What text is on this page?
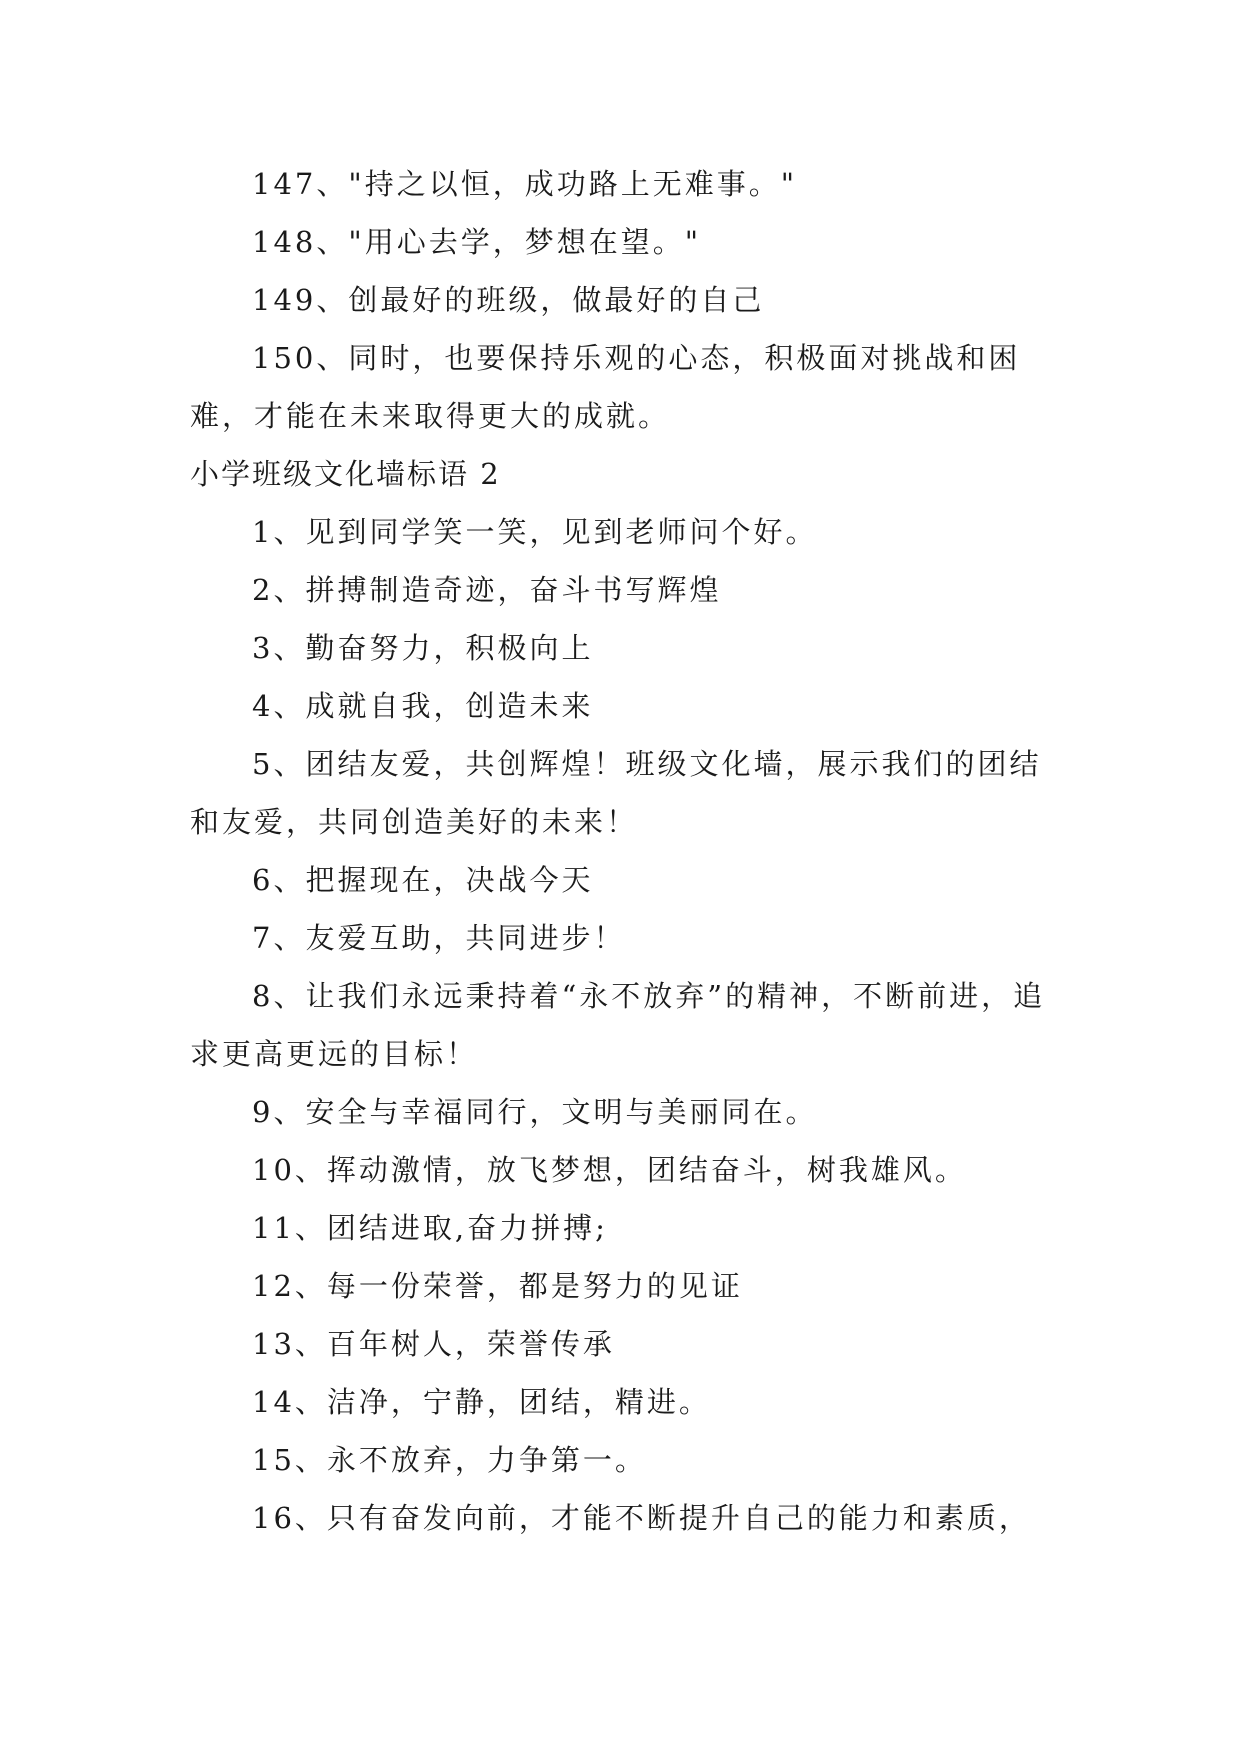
147、"持之以恒，成功路上无难事。"

148、"用心去学，梦想在望。"

149、创最好的班级，做最好的自己

150、同时，也要保持乐观的心态，积极面对挑战和困难，才能在未来取得更大的成就。

小学班级文化墙标语 2

1、见到同学笑一笑，见到老师问个好。

2、拼搏制造奇迹，奋斗书写辉煌

3、勤奋努力，积极向上

4、成就自我，创造未来

5、团结友爱，共创辉煌！班级文化墙，展示我们的团结和友爱，共同创造美好的未来！

6、把握现在，决战今天

7、友爱互助，共同进步！

8、让我们永远秉持着“永不放弃”的精神，不断前进，追求更高更远的目标！

9、安全与幸福同行，文明与美丽同在。

10、挥动激情，放飞梦想，团结奋斗，树我雄风。

11、团结进取,奋力拼搏;

12、每一份荣誉，都是努力的见证

13、百年树人，荣誉传承

14、洁净，宁静，团结，精进。

15、永不放弃，力争第一。

16、只有奋发向前，才能不断提升自己的能力和素质，
